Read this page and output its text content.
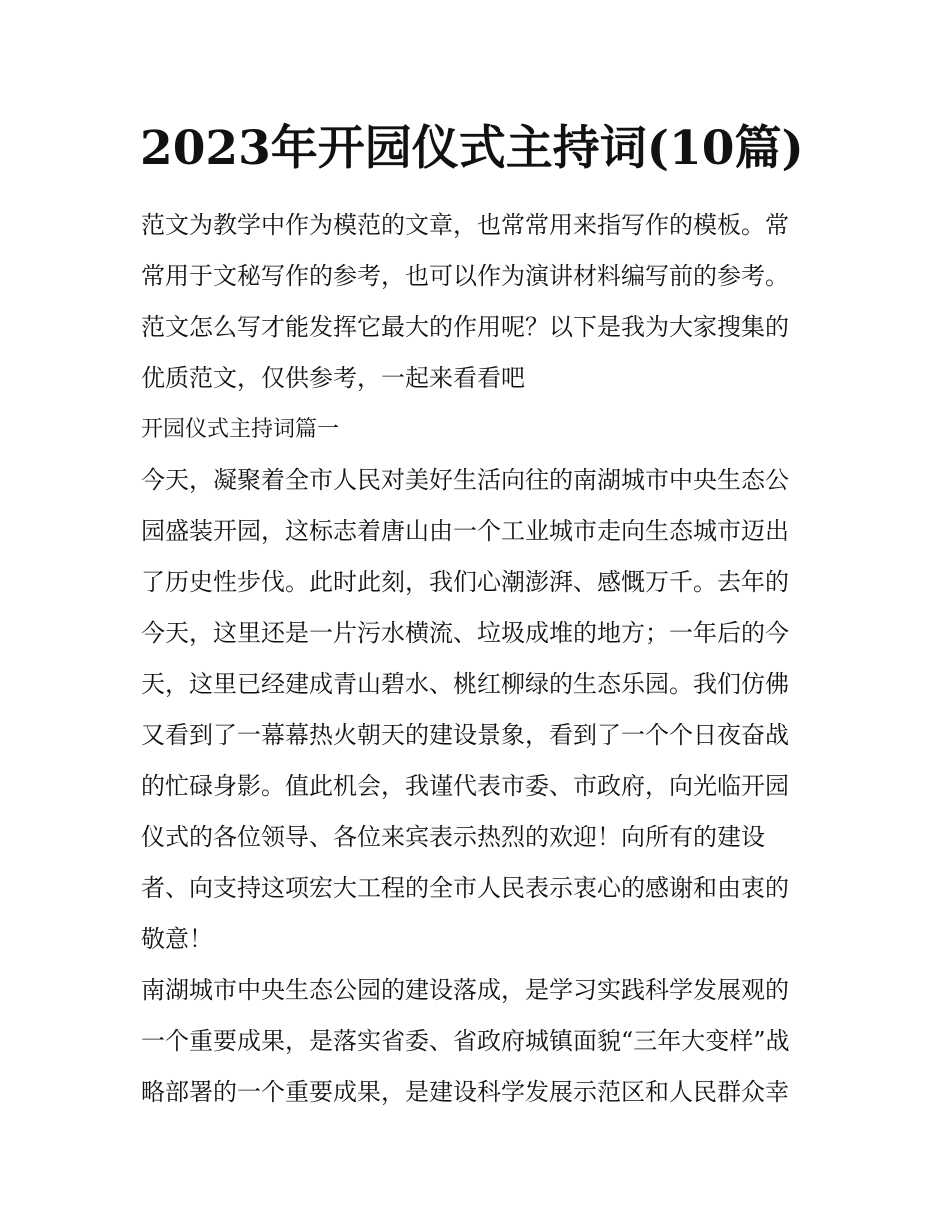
2023年开园仪式主持词(10篇)
范文为教学中作为模范的文章，也常常用来指写作的模板。常
常用于文秘写作的参考，也可以作为演讲材料编写前的参考。
范文怎么写才能发挥它最大的作用呢？以下是我为大家搜集的
优质范文，仅供参考，一起来看看吧
开园仪式主持词篇一
今天，凝聚着全市人民对美好生活向往的南湖城市中央生态公
园盛装开园，这标志着唐山由一个工业城市走向生态城市迈出
了历史性步伐。此时此刻，我们心潮澎湃、感慨万千。去年的
今天，这里还是一片污水横流、垃圾成堆的地方；一年后的今
天，这里已经建成青山碧水、桃红柳绿的生态乐园。我们仿佛
又看到了一幕幕热火朝天的建设景象，看到了一个个日夜奋战
的忙碌身影。值此机会，我谨代表市委、市政府，向光临开园
仪式的各位领导、各位来宾表示热烈的欢迎！向所有的建设
者、向支持这项宏大工程的全市人民表示衷心的感谢和由衷的
敬意！
南湖城市中央生态公园的建设落成，是学习实践科学发展观的
一个重要成果，是落实省委、省政府城镇面貌“三年大变样”战
略部署的一个重要成果，是建设科学发展示范区和人民群众幸
